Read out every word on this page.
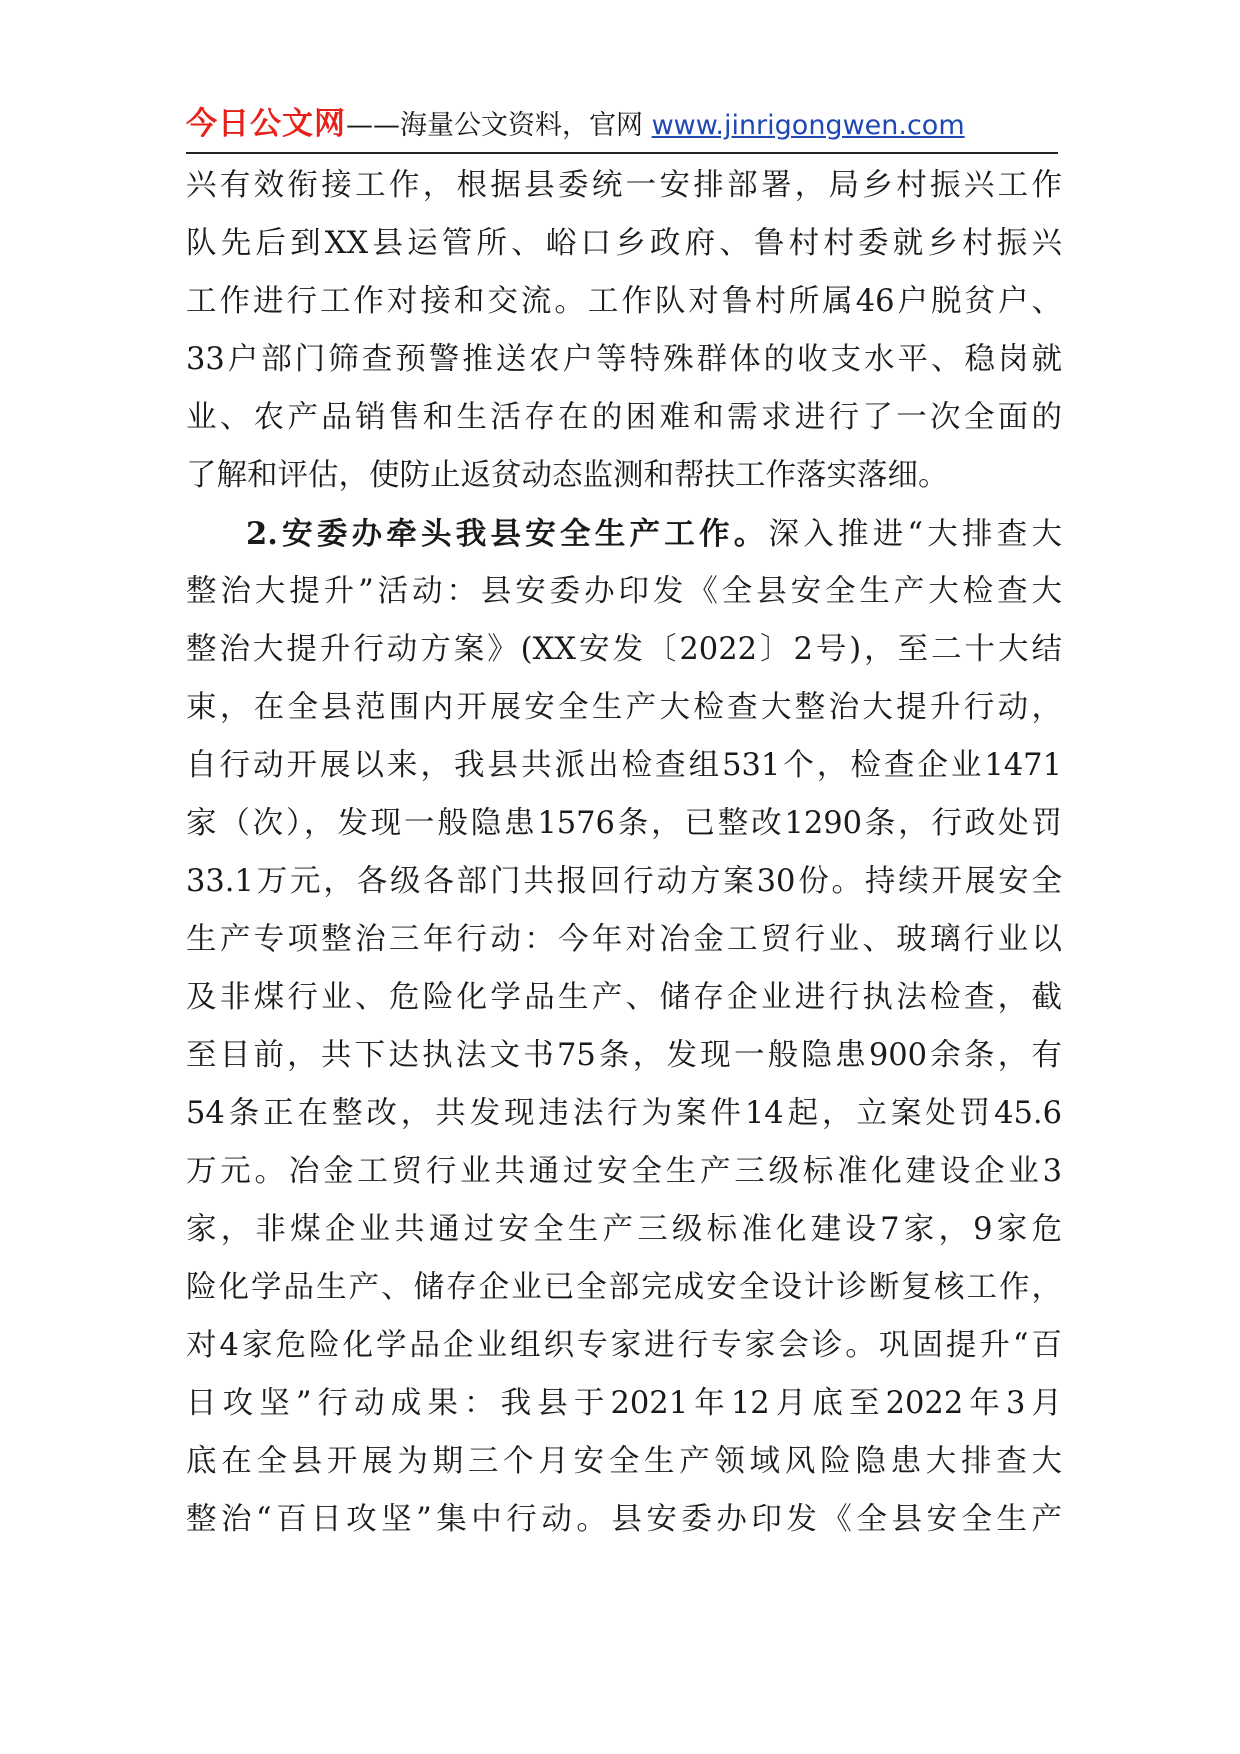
今日公文网——海量公文资料，官网 www.jinrigongwen.com
兴有效衔接工作，根据县委统一安排部署，局乡村振兴工作
队先后到XX县运管所、峪口乡政府、鲁村村委就乡村振兴
工作进行工作对接和交流。工作队对鲁村所属46户脱贫户、
33户部门筛查预警推送农户等特殊群体的收支水平、稳岗就
业、农产品销售和生活存在的困难和需求进行了一次全面的
了解和评估，使防止返贫动态监测和帮扶工作落实落细。
2.安委办牵头我县安全生产工作。深入推进“大排查大
整治大提升”活动：县安委办印发《全县安全生产大检查大
整治大提升行动方案》(XX安发〔2022〕2号)，至二十大结
束，在全县范围内开展安全生产大检查大整治大提升行动，
自行动开展以来，我县共派出检查组531个，检查企业1471
家（次），发现一般隐患1576条，已整改1290条，行政处罚
33.1万元，各级各部门共报回行动方案30份。持续开展安全
生产专项整治三年行动：今年对冶金工贸行业、玻璃行业以
及非煤行业、危险化学品生产、储存企业进行执法检查，截
至目前，共下达执法文书75条，发现一般隐患900余条，有
54条正在整改，共发现违法行为案件14起，立案处罚45.6
万元。冶金工贸行业共通过安全生产三级标准化建设企业3
家，非煤企业共通过安全生产三级标准化建设7家，9家危
险化学品生产、储存企业已全部完成安全设计诊断复核工作，
对4家危险化学品企业组织专家进行专家会诊。巩固提升“百
日攻坚”行动成果：我县于2021年12月底至2022年3月
底在全县开展为期三个月安全生产领域风险隐患大排查大
整治“百日攻坚”集中行动。县安委办印发《全县安全生产
